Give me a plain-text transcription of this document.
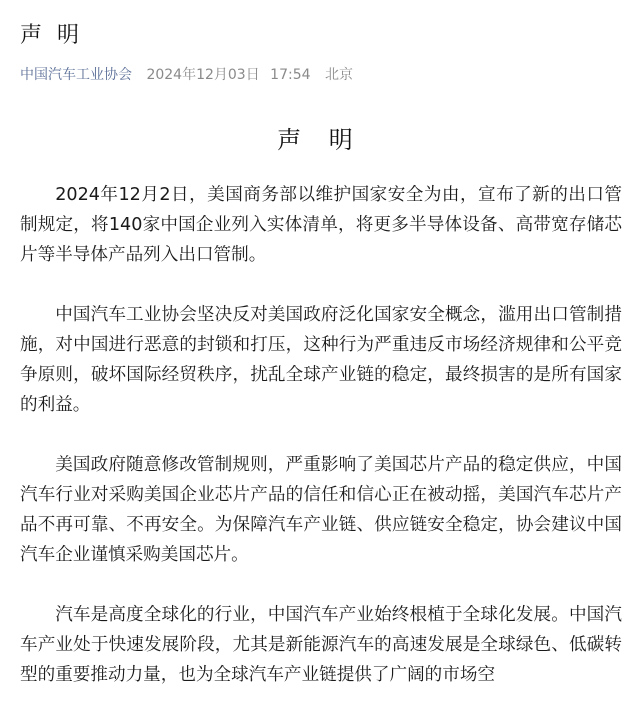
声 明
中国汽车工业协会 2024年12月03日 17:54 北京
声 明

2024年12月2日，美国商务部以维护国家安全为由，宣布了新的出口管制规定，将140家中国企业列入实体清单，将更多半导体设备、高带宽存储芯片等半导体产品列入出口管制。

中国汽车工业协会坚决反对美国政府泛化国家安全概念，滥用出口管制措施，对中国进行恶意的封锁和打压，这种行为严重违反市场经济规律和公平竞争原则，破坏国际经贸秩序，扰乱全球产业链的稳定，最终损害的是所有国家的利益。

美国政府随意修改管制规则，严重影响了美国芯片产品的稳定供应，中国汽车行业对采购美国企业芯片产品的信任和信心正在被动摇，美国汽车芯片产品不再可靠、不再安全。为保障汽车产业链、供应链安全稳定，协会建议中国汽车企业谨慎采购美国芯片。

汽车是高度全球化的行业，中国汽车产业始终根植于全球化发展。中国汽车产业处于快速发展阶段，尤其是新能源汽车的高速发展是全球绿色、低碳转型的重要推动力量，也为全球汽车产业链提供了广阔的市场空
